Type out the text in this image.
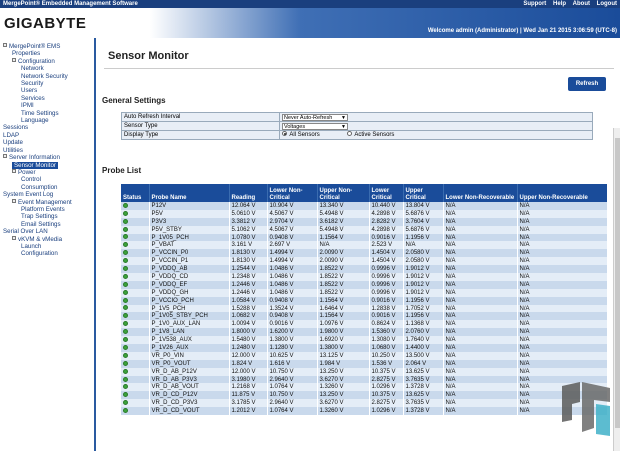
MergePoint® Embedded Management Software	Support Help About Logout
GIGABYTE	Welcome admin (Administrator) | Wed Jan 21 2015 3:06:59 (UTC-8)
MergePoint® EMS
Properties
Configuration
Network
Network Security
Security
Users
Services
IPMI
Time Settings
Language
Sessions
LDAP
Update
Utilities
Server Information
Sensor Monitor
Power
Control
Consumption
System Event Log
Event Management
Platform Events
Trap Settings
Email Settings
Serial Over LAN
vKVM & vMedia
Launch
Configuration
Sensor Monitor
Refresh
General Settings
Auto Refresh Interval	Never Auto-Refresh ▼

Sensor Type	Voltages ▼

Display Type	All Sensors Active Sensors
Probe List
Status	Probe Name	Reading	Lower Non-Critical	Upper Non-Critical	Lower Critical	Upper Critical	Lower Non-Recoverable	Upper Non-Recoverable
	P12V	12.064 V	10.904 V	13.340 V	10.440 V	13.804 V	N/A	N/A
	P5V	5.0610 V	4.5067 V	5.4948 V	4.2898 V	5.6876 V	N/A	N/A
	P3V3	3.3812 V	2.9704 V	3.6182 V	2.8282 V	3.7604 V	N/A	N/A
	P5V_STBY	5.1062 V	4.5067 V	5.4948 V	4.2898 V	5.6876 V	N/A	N/A
	P_1V05_PCH	1.0780 V	0.9408 V	1.1564 V	0.9016 V	1.1956 V	N/A	N/A
	P_VBAT	3.161 V	2.697 V	N/A	2.523 V	N/A	N/A	N/A
	P_VCCIN_P0	1.8130 V	1.4994 V	2.0090 V	1.4504 V	2.0580 V	N/A	N/A
	P_VCCIN_P1	1.8130 V	1.4994 V	2.0090 V	1.4504 V	2.0580 V	N/A	N/A
	P_VDDQ_AB	1.2544 V	1.0486 V	1.8522 V	0.9996 V	1.9012 V	N/A	N/A
	P_VDDQ_CD	1.2348 V	1.0486 V	1.8522 V	0.9996 V	1.9012 V	N/A	N/A
	P_VDDQ_EF	1.2446 V	1.0486 V	1.8522 V	0.9996 V	1.9012 V	N/A	N/A
	P_VDDQ_GH	1.2446 V	1.0486 V	1.8522 V	0.9996 V	1.9012 V	N/A	N/A
	P_VCCIO_PCH	1.0584 V	0.9408 V	1.1564 V	0.9016 V	1.1956 V	N/A	N/A
	P_1V5_PCH	1.5288 V	1.3524 V	1.6464 V	1.2838 V	1.7052 V	N/A	N/A
	P_1V05_STBY_PCH	1.0682 V	0.9408 V	1.1564 V	0.9016 V	1.1956 V	N/A	N/A
	P_1V0_AUX_LAN	1.0094 V	0.9016 V	1.0976 V	0.8624 V	1.1368 V	N/A	N/A
	P_1V8_LAN	1.8000 V	1.6200 V	1.9800 V	1.5360 V	2.0760 V	N/A	N/A
	P_1V538_AUX	1.5480 V	1.3800 V	1.6920 V	1.3080 V	1.7640 V	N/A	N/A
	P_1V26_AUX	1.2480 V	1.1280 V	1.3800 V	1.0680 V	1.4400 V	N/A	N/A
	VR_P0_VIN	12.000 V	10.625 V	13.125 V	10.250 V	13.500 V	N/A	N/A
	VR_P0_VOUT	1.824 V	1.616 V	1.984 V	1.536 V	2.064 V	N/A	N/A
	VR_D_AB_P12V	12.000 V	10.750 V	13.250 V	10.375 V	13.625 V	N/A	N/A
	VR_D_AB_P3V3	3.1980 V	2.9640 V	3.6270 V	2.8275 V	3.7635 V	N/A	N/A
	VR_D_AB_VOUT	1.2168 V	1.0764 V	1.3260 V	1.0296 V	1.3728 V	N/A	N/A
	VR_D_CD_P12V	11.875 V	10.750 V	13.250 V	10.375 V	13.625 V	N/A	N/A
	VR_D_CD_P3V3	3.1785 V	2.9640 V	3.6270 V	2.8275 V	3.7635 V	N/A	N/A
	VR_D_CD_VOUT	1.2012 V	1.0764 V	1.3260 V	1.0296 V	1.3728 V	N/A	N/A
